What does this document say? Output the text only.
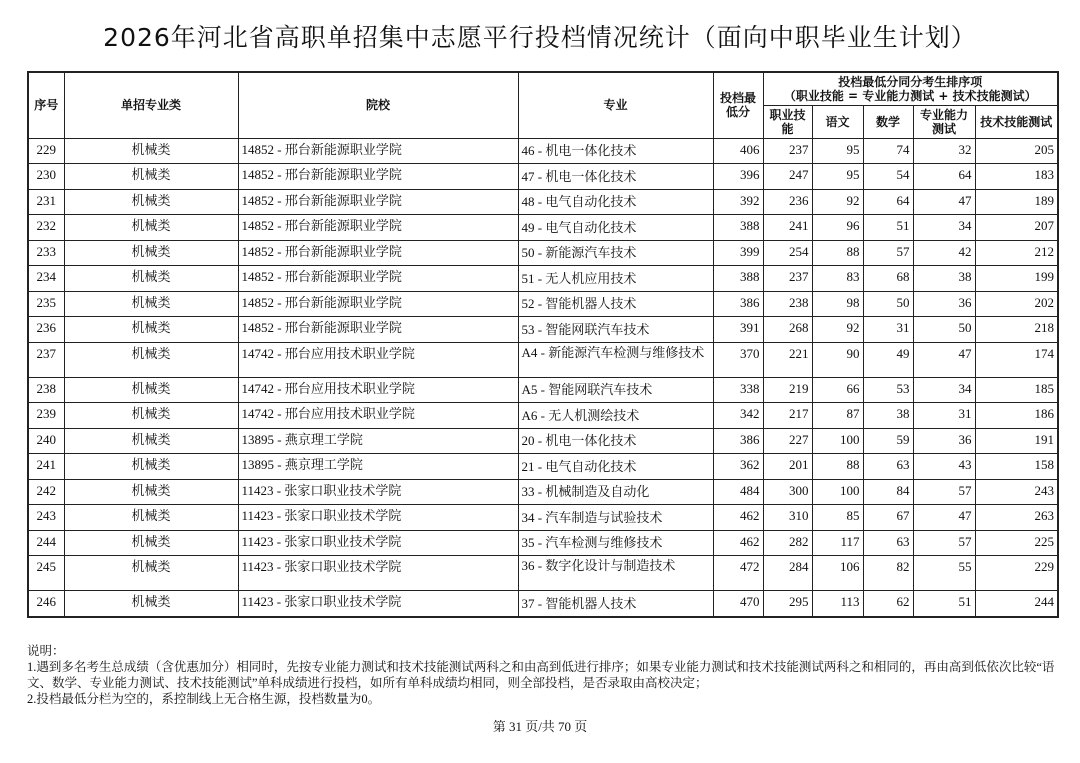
2026年河北省高职单招集中志愿平行投档情况统计（面向中职毕业生计划）
序号	单招专业类	院校	专业	投档最低分	投档最低分同分考生排序项
（职业技能 = 专业能力测试 + 技术技能测试）				

					职业技能	语文	数学	专业能力测试	技术技能测试
229	机械类	14852 - 邢台新能源职业学院	46 - 机电一体化技术	406	237	95	74	32	205
230	机械类	14852 - 邢台新能源职业学院	47 - 机电一体化技术	396	247	95	54	64	183
231	机械类	14852 - 邢台新能源职业学院	48 - 电气自动化技术	392	236	92	64	47	189
232	机械类	14852 - 邢台新能源职业学院	49 - 电气自动化技术	388	241	96	51	34	207
233	机械类	14852 - 邢台新能源职业学院	50 - 新能源汽车技术	399	254	88	57	42	212
234	机械类	14852 - 邢台新能源职业学院	51 - 无人机应用技术	388	237	83	68	38	199
235	机械类	14852 - 邢台新能源职业学院	52 - 智能机器人技术	386	238	98	50	36	202
236	机械类	14852 - 邢台新能源职业学院	53 - 智能网联汽车技术	391	268	92	31	50	218
237	机械类	14742 - 邢台应用技术职业学院	A4 - 新能源汽车检测与维修技术	370	221	90	49	47	174
238	机械类	14742 - 邢台应用技术职业学院	A5 - 智能网联汽车技术	338	219	66	53	34	185
239	机械类	14742 - 邢台应用技术职业学院	A6 - 无人机测绘技术	342	217	87	38	31	186
240	机械类	13895 - 燕京理工学院	20 - 机电一体化技术	386	227	100	59	36	191
241	机械类	13895 - 燕京理工学院	21 - 电气自动化技术	362	201	88	63	43	158
242	机械类	11423 - 张家口职业技术学院	33 - 机械制造及自动化	484	300	100	84	57	243
243	机械类	11423 - 张家口职业技术学院	34 - 汽车制造与试验技术	462	310	85	67	47	263
244	机械类	11423 - 张家口职业技术学院	35 - 汽车检测与维修技术	462	282	117	63	57	225
245	机械类	11423 - 张家口职业技术学院	36 - 数字化设计与制造技术	472	284	106	82	55	229
246	机械类	11423 - 张家口职业技术学院	37 - 智能机器人技术	470	295	113	62	51	244
说明：
1.遇到多名考生总成绩（含优惠加分）相同时，先按专业能力测试和技术技能测试两科之和由高到低进行排序；如果专业能力测试和技术技能测试两科之和相同的，再由高到低依次比较“语文、数学、专业能力测试、技术技能测试”单科成绩进行投档，如所有单科成绩均相同，则全部投档，是否录取由高校决定；
2.投档最低分栏为空的，系控制线上无合格生源，投档数量为0。
第 31 页/共 70 页
